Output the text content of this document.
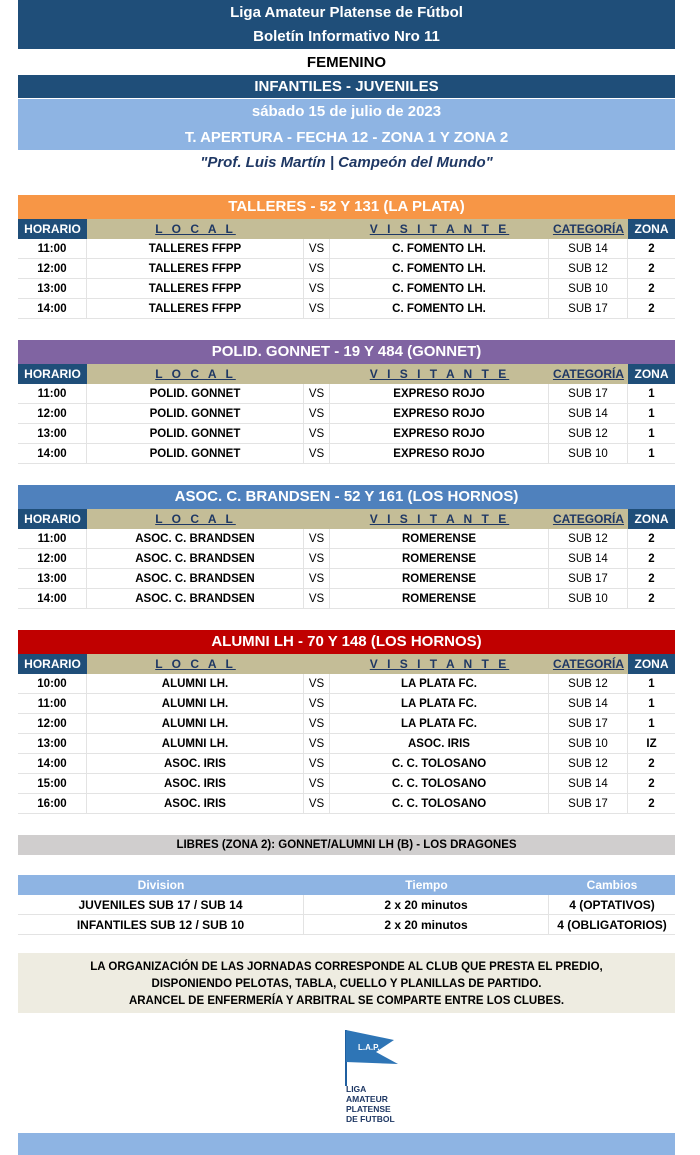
Liga Amateur Platense de Fútbol
Boletín Informativo Nro 11
FEMENINO
INFANTILES - JUVENILES
sábado 15 de julio de 2023
T. APERTURA - FECHA 12 - ZONA 1 Y ZONA 2
"Prof. Luis Martín | Campeón del Mundo"
TALLERES - 52 Y 131 (LA PLATA)
HORARIO	L O C A L	V I S I T A N T E	CATEGORÍA ZONA
11:00	TALLERES FFPP	VS	C. FOMENTO LH.	SUB 14	2
12:00	TALLERES FFPP	VS	C. FOMENTO LH.	SUB 12	2
13:00	TALLERES FFPP	VS	C. FOMENTO LH.	SUB 10	2
14:00	TALLERES FFPP	VS	C. FOMENTO LH.	SUB 17	2
POLID. GONNET - 19 Y 484 (GONNET)
HORARIO	L O C A L	V I S I T A N T E	CATEGORÍA ZONA
11:00	POLID. GONNET	VS	EXPRESO ROJO	SUB 17	1
12:00	POLID. GONNET	VS	EXPRESO ROJO	SUB 14	1
13:00	POLID. GONNET	VS	EXPRESO ROJO	SUB 12	1
14:00	POLID. GONNET	VS	EXPRESO ROJO	SUB 10	1
ASOC. C. BRANDSEN - 52 Y 161 (LOS HORNOS)
HORARIO	L O C A L	V I S I T A N T E	CATEGORÍA ZONA
11:00	ASOC. C. BRANDSEN	VS	ROMERENSE	SUB 12	2
12:00	ASOC. C. BRANDSEN	VS	ROMERENSE	SUB 14	2
13:00	ASOC. C. BRANDSEN	VS	ROMERENSE	SUB 17	2
14:00	ASOC. C. BRANDSEN	VS	ROMERENSE	SUB 10	2
ALUMNI LH - 70 Y 148 (LOS HORNOS)
HORARIO	L O C A L	V I S I T A N T E	CATEGORÍA ZONA
10:00	ALUMNI LH.	VS	LA PLATA FC.	SUB 12	1
11:00	ALUMNI LH.	VS	LA PLATA FC.	SUB 14	1
12:00	ALUMNI LH.	VS	LA PLATA FC.	SUB 17	1
13:00	ALUMNI LH.	VS	ASOC. IRIS	SUB 10	IZ
14:00	ASOC. IRIS	VS	C. C. TOLOSANO	SUB 12	2
15:00	ASOC. IRIS	VS	C. C. TOLOSANO	SUB 14	2
16:00	ASOC. IRIS	VS	C. C. TOLOSANO	SUB 17	2
LIBRES (ZONA 2): GONNET/ALUMNI LH (B) - LOS DRAGONES
Division	Tiempo	Cambios
JUVENILES SUB 17 / SUB 14	2 x 20 minutos	4 (OPTATIVOS)
INFANTILES SUB 12 / SUB 10	2 x 20 minutos	4 (OBLIGATORIOS)
LA ORGANIZACIÓN DE LAS JORNADAS CORRESPONDE AL CLUB QUE PRESTA EL PREDIO,
DISPONIENDO PELOTAS, TABLA, CUELLO Y PLANILLAS DE PARTIDO.
ARANCEL DE ENFERMERÍA Y ARBITRAL SE COMPARTE ENTRE LOS CLUBES.
L.A.P.
LIGA
AMATEUR
PLATENSE
DE FUTBOL
